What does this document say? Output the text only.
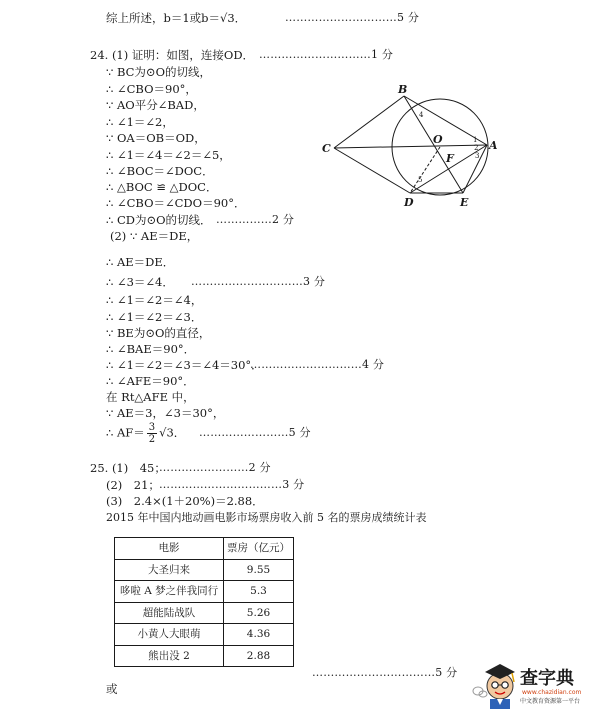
综上所述，b＝1或b＝√3．	…………………………5 分
24. (1) 证明：如图，连接OD． …………………………1 分
∵ BC为⊙O的切线，
∴ ∠CBO＝90°，
∵ AO平分∠BAD，
∴ ∠1＝∠2，
∵ OA＝OB＝OD，
∴ ∠1＝∠4＝∠2＝∠5，
∴ ∠BOC＝∠DOC．
∴ △BOC ≌ △DOC．
∴ ∠CBO＝∠CDO＝90°．
∴ CD为⊙O的切线． ……………2 分
(2) ∵ AE＝DE，
∴ AE＝DE．
∴ ∠3＝∠4． …………………………3 分
∴ ∠1＝∠2＝∠4，
∴ ∠1＝∠2＝∠3．
∵ BE为⊙O的直径，
∴ ∠BAE＝90°．
∴ ∠1＝∠2＝∠3＝∠4＝30°．
…………………………4 分
∴ ∠AFE＝90°．
在 Rt△AFE 中，
∵ AE＝3，∠3＝30°，
∴ $AF= \frac{3}{2} √3$． ……………………5 分
25. (1)　45；
……………………2 分
(2)　21； ……………………………3 分
(3)　2.4×(1＋20%)＝2.88．
2015 年中国内地动画电影市场票房收入前 5 名的票房成绩统计表
电影	票房（亿元）
大圣归来	9.55
哆啦 A 梦之伴我同行	5.3
超能陆战队	5.26
小黄人大眼萌	4.36
熊出没 2	2.88
……………………………5 分
或
B
C
O
F
A
D	E
1
2
3
4
5
查字典
www.chazidian.com
中文教育资源第一平台
